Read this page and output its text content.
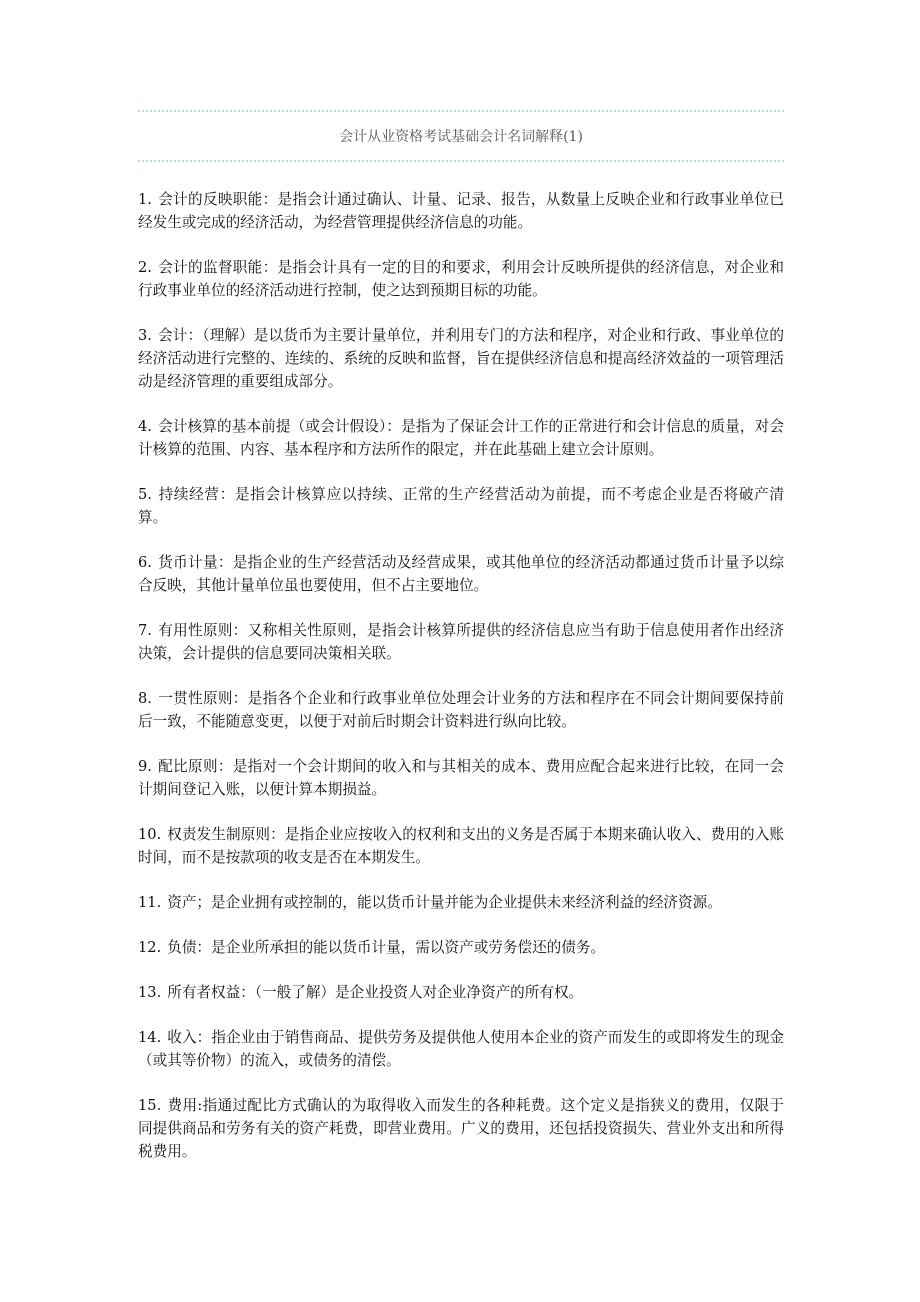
会计从业资格考试基础会计名词解释(1)

1. 会计的反映职能：是指会计通过确认、计量、记录、报告，从数量上反映企业和行政事业单位已经发生或完成的经济活动，为经营管理提供经济信息的功能。

2. 会计的监督职能：是指会计具有一定的目的和要求，利用会计反映所提供的经济信息，对企业和行政事业单位的经济活动进行控制，使之达到预期目标的功能。

3. 会计：（理解）是以货币为主要计量单位，并利用专门的方法和程序，对企业和行政、事业单位的经济活动进行完整的、连续的、系统的反映和监督，旨在提供经济信息和提高经济效益的一项管理活动是经济管理的重要组成部分。

4. 会计核算的基本前提（或会计假设）：是指为了保证会计工作的正常进行和会计信息的质量，对会计核算的范围、内容、基本程序和方法所作的限定，并在此基础上建立会计原则。

5. 持续经营：是指会计核算应以持续、正常的生产经营活动为前提，而不考虑企业是否将破产清算。

6. 货币计量：是指企业的生产经营活动及经营成果，或其他单位的经济活动都通过货币计量予以综合反映，其他计量单位虽也要使用，但不占主要地位。

7. 有用性原则：又称相关性原则，是指会计核算所提供的经济信息应当有助于信息使用者作出经济决策，会计提供的信息要同决策相关联。

8. 一贯性原则：是指各个企业和行政事业单位处理会计业务的方法和程序在不同会计期间要保持前后一致，不能随意变更，以便于对前后时期会计资料进行纵向比较。

9. 配比原则：是指对一个会计期间的收入和与其相关的成本、费用应配合起来进行比较，在同一会计期间登记入账，以便计算本期损益。

10. 权责发生制原则：是指企业应按收入的权利和支出的义务是否属于本期来确认收入、费用的入账时间，而不是按款项的收支是否在本期发生。

11. 资产；是企业拥有或控制的，能以货币计量并能为企业提供未来经济利益的经济资源。

12. 负债：是企业所承担的能以货币计量，需以资产或劳务偿还的债务。

13. 所有者权益：（一般了解）是企业投资人对企业净资产的所有权。

14. 收入：指企业由于销售商品、提供劳务及提供他人使用本企业的资产而发生的或即将发生的现金（或其等价物）的流入，或债务的清偿。

15. 费用:指通过配比方式确认的为取得收入而发生的各种耗费。这个定义是指狭义的费用，仅限于同提供商品和劳务有关的资产耗费，即营业费用。广义的费用，还包括投资损失、营业外支出和所得税费用。
